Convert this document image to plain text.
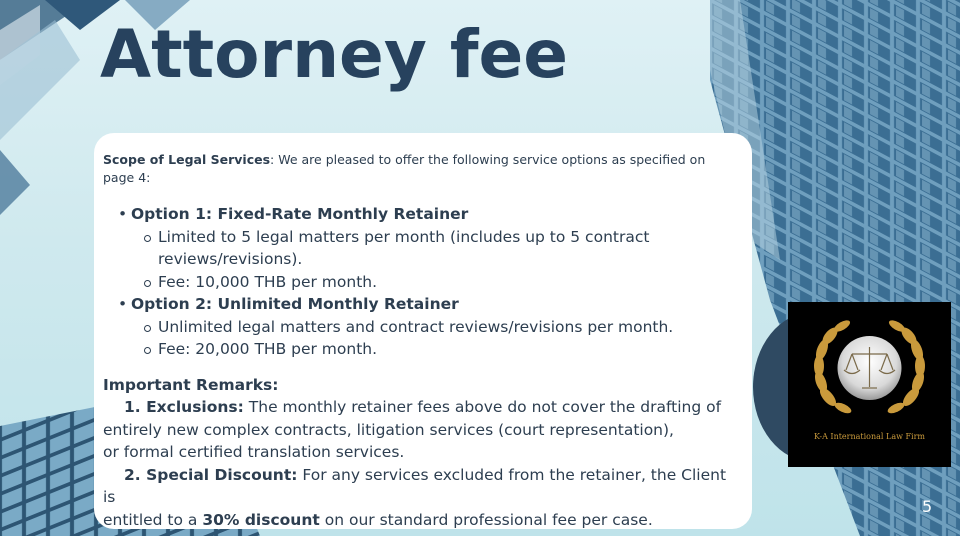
Attorney fee

Scope of Legal Services: We are pleased to offer the following service options as specified on page 4:

• Option 1: Fixed-Rate Monthly Retainer
Limited to 5 legal matters per month (includes up to 5 contract
reviews/revisions).
Fee: 10,000 THB per month.
• Option 2: Unlimited Monthly Retainer
Unlimited legal matters and contract reviews/revisions per month.
Fee: 20,000 THB per month.
Important Remarks:
1. Exclusions: The monthly retainer fees above do not cover the drafting of
entirely new complex contracts, litigation services (court representation),
or formal certified translation services.
2. Special Discount: For any services excluded from the retainer, the Client is
entitled to a 30% discount on our standard professional fee per case.
K-A International Law Firm
5
